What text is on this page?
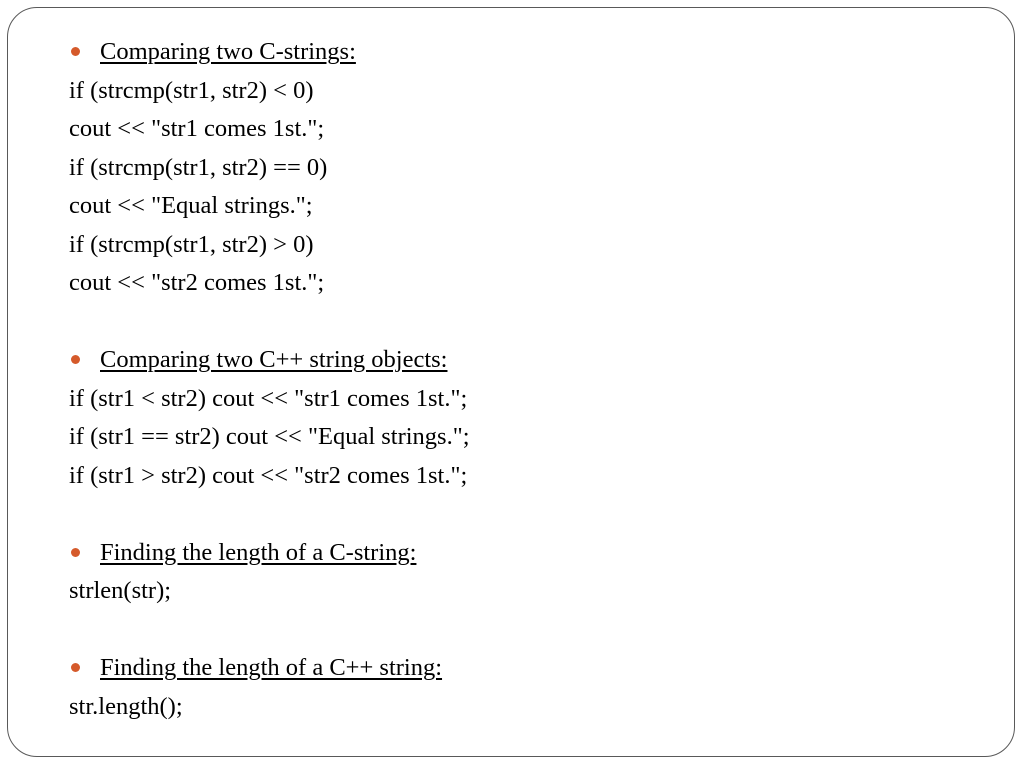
Comparing two C-strings:
if (strcmp(str1, str2) < 0)
cout << "str1 comes 1st.";
if (strcmp(str1, str2) == 0)
cout << "Equal strings.";
if (strcmp(str1, str2) > 0)
cout << "str2 comes 1st.";
Comparing two C++ string objects:
if (str1 < str2) cout << "str1 comes 1st.";
if (str1 == str2) cout << "Equal strings.";
if (str1 > str2) cout << "str2 comes 1st.";
Finding the length of a C-string:
strlen(str);
Finding the length of a C++ string:
str.length();
